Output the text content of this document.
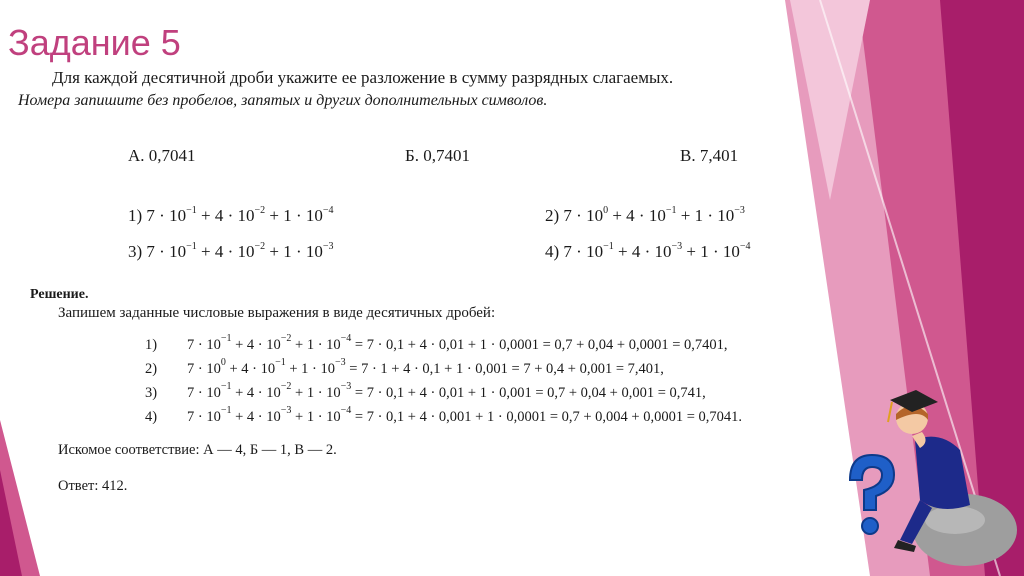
Задание 5
Для каждой десятичной дроби укажите ее разложение в сумму разрядных слагаемых.
Номера запишите без пробелов, запятых и других дополнительных символов.
А. 0,7041	Б. 0,7401	В. 7,401
1) $7 \cdot 10^{-1} + 4 \cdot 10^{-2} + 1 \cdot 10^{-4}$	2) $7 \cdot 10^0 + 4 \cdot 10^{-1} + 1 \cdot 10^{-3}$
3) $7 \cdot 10^{-1} + 4 \cdot 10^{-2} + 1 \cdot 10^{-3}$	4) $7 \cdot 10^{-1} + 4 \cdot 10^{-3} + 1 \cdot 10^{-4}$
Решение.
Запишем заданные числовые выражения в виде десятичных дробей:
1) $7 \cdot 10^{-1} + 4 \cdot 10^{-2} + 1 \cdot 10^{-4} = 7 \cdot 0,1 + 4 \cdot 0,01 + 1 \cdot 0,0001 = 0,7 + 0,04 + 0,0001 = 0,7401$,
2) $7 \cdot 10^0 + 4 \cdot 10^{-1} + 1 \cdot 10^{-3} = 7 \cdot 1 + 4 \cdot 0,1 + 1 \cdot 0,001 = 7 + 0,4 + 0,001 = 7,401$,
3) $7 \cdot 10^{-1} + 4 \cdot 10^{-2} + 1 \cdot 10^{-3} = 7 \cdot 0,1 + 4 \cdot 0,01 + 1 \cdot 0,001 = 0,7 + 0,04 + 0,001 = 0,741$,
4) $7 \cdot 10^{-1} + 4 \cdot 10^{-3} + 1 \cdot 10^{-4} = 7 \cdot 0,1 + 4 \cdot 0,001 + 1 \cdot 0,0001 = 0,7 + 0,004 + 0,0001 = 0,7041$.
Искомое соответствие: А — 4, Б — 1, В — 2.
Ответ: 412.
